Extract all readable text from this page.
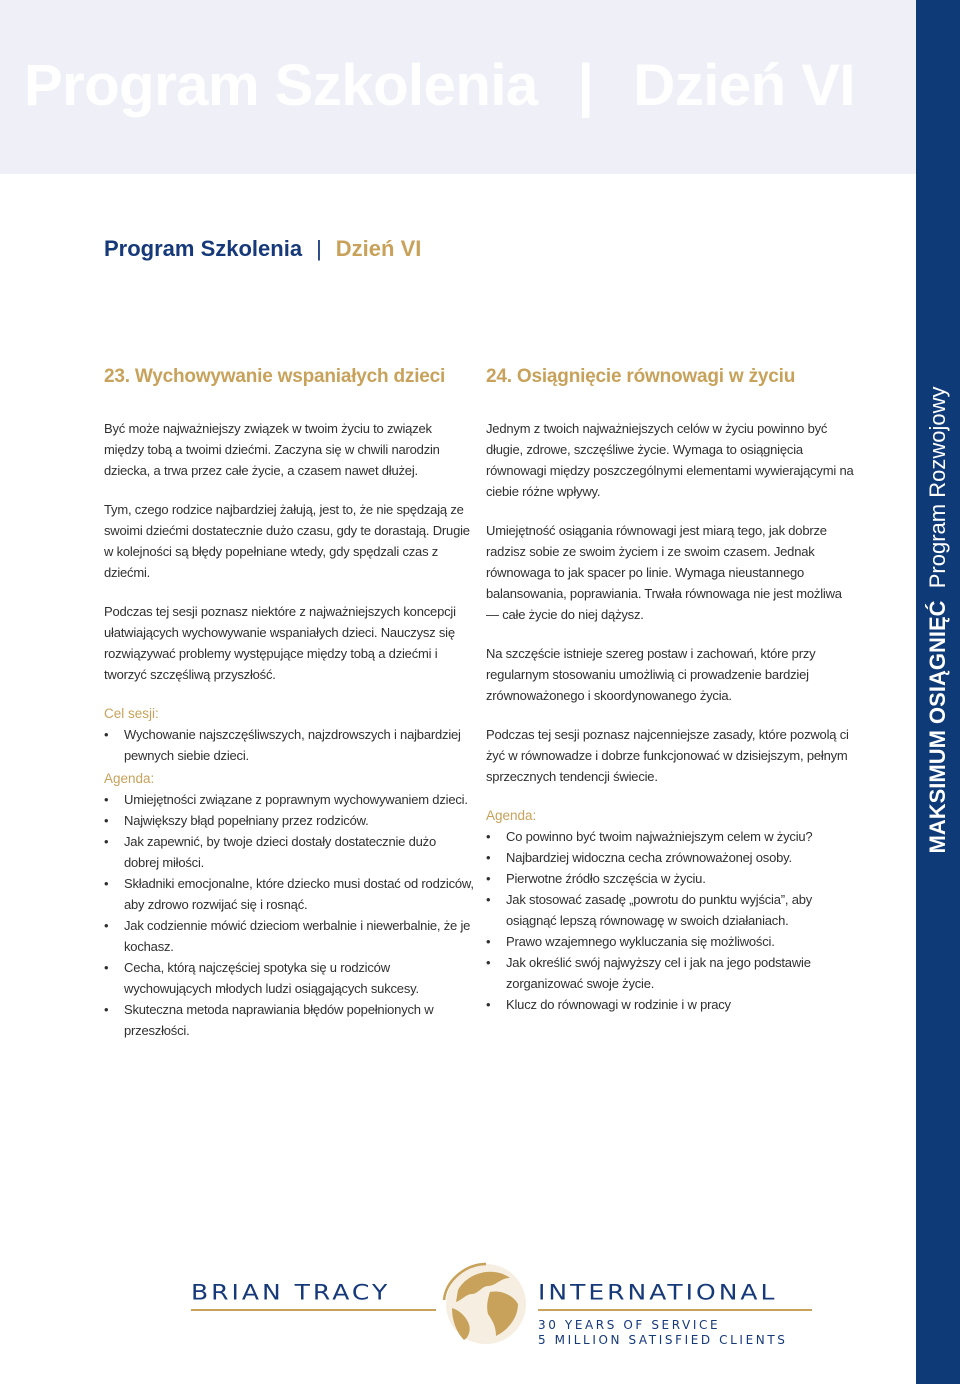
Program Szkolenia | Dzień VI
MAKSIMUM OSIĄGNIĘĆ  Program Rozwojowy
Program Szkolenia | Dzień VI
23. Wychowywanie wspaniałych dzieci

Być może najważniejszy związek w twoim życiu to związek między tobą a twoimi dziećmi. Zaczyna się w chwili narodzin dziecka, a trwa przez całe życie, a czasem nawet dłużej.

Tym, czego rodzice najbardziej żałują, jest to, że nie spędzają ze swoimi dziećmi dostatecznie dużo czasu, gdy te dorastają. Drugie w kolejności są błędy popełniane wtedy, gdy spędzali czas z dziećmi.

Podczas tej sesji poznasz niektóre z najważniejszych koncepcji ułatwiających wychowywanie wspaniałych dzieci. Nauczysz się rozwiązywać problemy występujące między tobą a dziećmi i tworzyć szczęśliwą przyszłość.

Cel sesji:
• Wychowanie najszczęśliwszych, najzdrowszych i najbardziej pewnych siebie dzieci.
Agenda:
• Umiejętności związane z poprawnym wychowywaniem dzieci.
• Największy błąd popełniany przez rodziców.
• Jak zapewnić, by twoje dzieci dostały dostatecznie dużo dobrej miłości.
• Składniki emocjonalne, które dziecko musi dostać od rodziców, aby zdrowo rozwijać się i rosnąć.
• Jak codziennie mówić dzieciom werbalnie i niewerbalnie, że je kochasz.
• Cecha, którą najczęściej spotyka się u rodziców wychowujących młodych ludzi osiągających sukcesy.
• Skuteczna metoda naprawiania błędów popełnionych w przeszłości.
24. Osiągnięcie równowagi w życiu

Jednym z twoich najważniejszych celów w życiu powinno być długie, zdrowe, szczęśliwe życie. Wymaga to osiągnięcia równowagi między poszczególnymi elementami wywierającymi na ciebie różne wpływy.

Umiejętność osiągania równowagi jest miarą tego, jak dobrze radzisz sobie ze swoim życiem i ze swoim czasem. Jednak równowaga to jak spacer po linie. Wymaga nieustannego balansowania, poprawiania. Trwała równowaga nie jest możliwa — całe życie do niej dążysz.

Na szczęście istnieje szereg postaw i zachowań, które przy regularnym stosowaniu umożliwią ci prowadzenie bardziej zrównoważonego i skoordynowanego życia.

Podczas tej sesji poznasz najcenniejsze zasady, które pozwolą ci żyć w równowadze i dobrze funkcjonować w dzisiejszym, pełnym sprzecznych tendencji świecie.

Agenda:
• Co powinno być twoim najważniejszym celem w życiu?
• Najbardziej widoczna cecha zrównoważonej osoby.
• Pierwotne źródło szczęścia w życiu.
• Jak stosować zasadę „powrotu do punktu wyjścia”, aby osiągnąć lepszą równowagę w swoich działaniach.
• Prawo wzajemnego wykluczania się możliwości.
• Jak określić swój najwyższy cel i jak na jego podstawie zorganizować swoje życie.
• Klucz do równowagi w rodzinie i w pracy
BRIAN TRACY	INTERNATIONAL
30 YEARS OF SERVICE
5 MILLION SATISFIED CLIENTS
